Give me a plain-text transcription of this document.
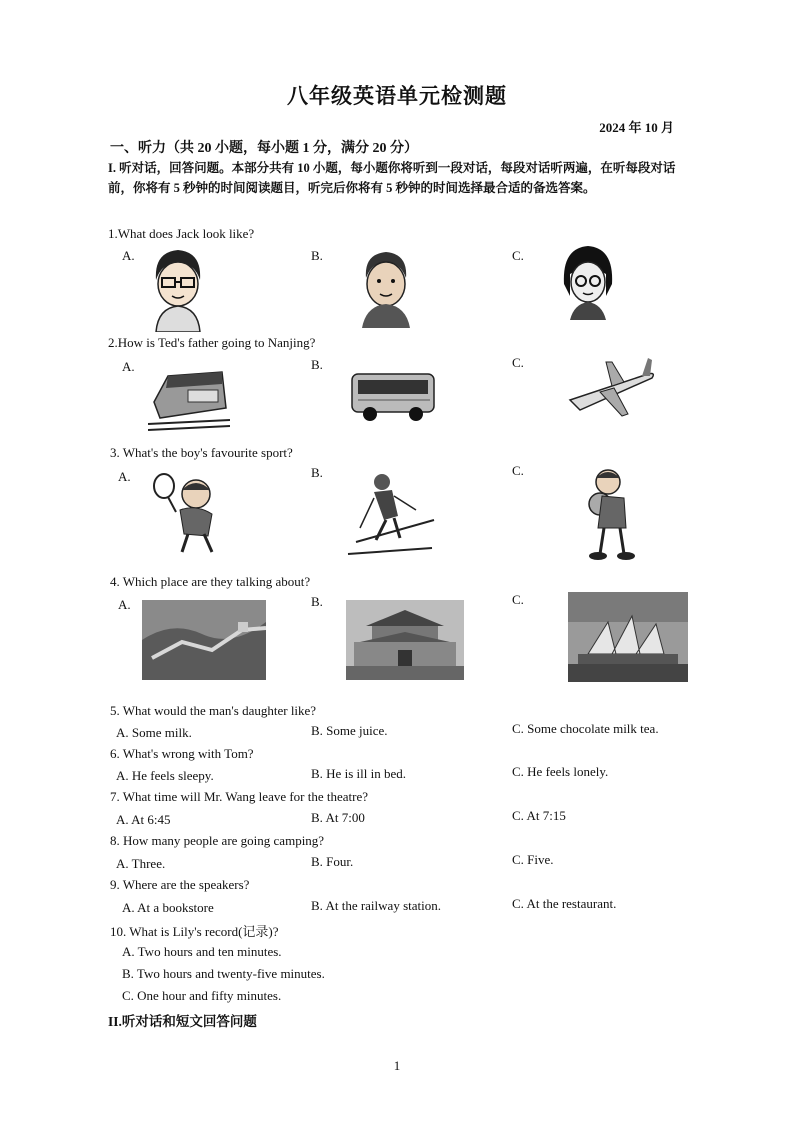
八年级英语单元检测题
2024 年 10 月
一、听力（共 20 小题，每小题 1 分，满分 20 分）
I. 听对话，回答问题。本部分共有 10 小题，每小题你将听到一段对话，每段对话听两遍，在听每段对话前，你将有 5 秒钟的时间阅读题目，听完后你将有 5 秒钟的时间选择最合适的备选答案。
1.What does Jack look like?
A.	B.	C.
2.How is Ted's father going to Nanjing?
A.	B.	C.
3. What's the boy's favourite sport?
A.	B.	C.
4. Which place are they talking about?
A.	B.	C.
5. What would the man's daughter like?
A. Some milk.	B. Some juice.	C. Some chocolate milk tea.
6. What's wrong with Tom?
A. He feels sleepy.	B. He is ill in bed.	C. He feels lonely.
7. What time will Mr. Wang leave for the theatre?
A. At 6:45	B. At 7:00	C. At 7:15
8. How many people are going camping?
A. Three.	B. Four.	C. Five.
9. Where are the speakers?
A. At a bookstore	B. At the railway station.	C. At the restaurant.
10. What is Lily's record(记录)?
A. Two hours and ten minutes.
B. Two hours and twenty-five minutes.
C. One hour and fifty minutes.
II.听对话和短文回答问题
1
